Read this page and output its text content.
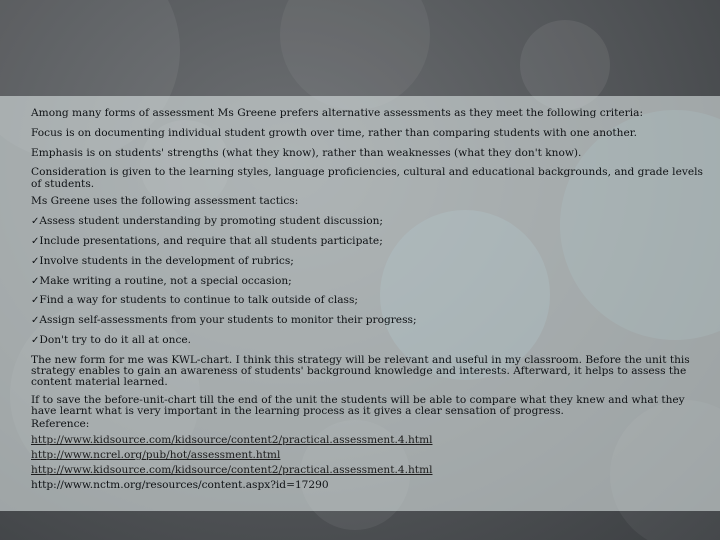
Among many forms of assessment Ms Greene prefers alternative assessments as they meet the following criteria:

Focus is on documenting individual student growth over time, rather than comparing students with one another.

Emphasis is on students' strengths (what they know), rather than weaknesses (what they don't know).

Consideration is given to the learning styles, language proficiencies, cultural and educational backgrounds, and grade levels of students.

Ms Greene uses the following assessment tactics:

✓Assess student understanding by promoting student discussion;

✓Include presentations, and require that all students participate;

✓Involve students in the development of rubrics;

✓Make writing a routine, not a special occasion;

✓Find a way for students to continue to talk outside of class;

✓Assign self-assessments from your students to monitor their progress;

✓Don't try to do it all at once.

The new form for me was KWL-chart. I think this strategy will be relevant and useful in my classroom. Before the unit this strategy enables to gain an awareness of students' background knowledge and interests. Afterward, it helps to assess the content material learned.

If to save the before-unit-chart till the end of the unit the students will be able to compare what they knew and what they have learnt what is very important in the learning process as it gives a clear sensation of progress.

Reference:

http://www.kidsource.com/kidsource/content2/practical.assessment.4.html
http://www.ncrel.org/pub/hot/assessment.html
http://www.kidsource.com/kidsource/content2/practical.assessment.4.html
http://www.nctm.org/resources/content.aspx?id=17290
